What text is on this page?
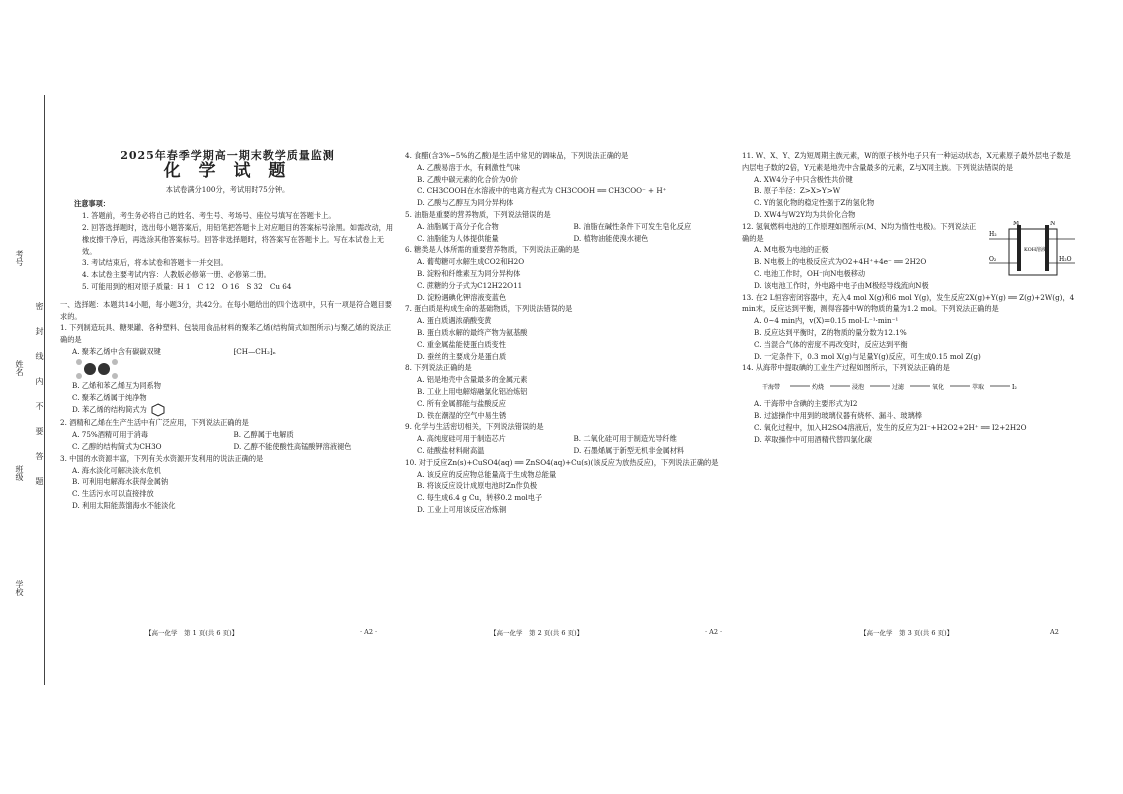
考号
姓名
班级
学校
密
封
线
内
不
要
答
题
2025年春季学期高一期末教学质量监测
化 学 试 题
本试卷满分100分，考试用时75分钟。
注意事项：
1. 答题前，考生务必将自己的姓名、考生号、考场号、座位号填写在答题卡上。
2. 回答选择题时，选出每小题答案后，用铅笔把答题卡上对应题目的答案标号涂黑。如需改动，用橡皮擦干净后，再选涂其他答案标号。回答非选择题时，将答案写在答题卡上。写在本试卷上无效。
3. 考试结束后，将本试卷和答题卡一并交回。
4. 本试卷主要考试内容：人教版必修第一册、必修第二册。
5. 可能用到的相对原子质量：H 1　C 12　O 16　S 32　Cu 64
一、选择题：本题共14小题，每小题3分，共42分。在每小题给出的四个选项中，只有一项是符合题目要求的。
1. 下列制造玩具、糖果罐、各种塑料、包装用食品材料的聚苯乙烯(结构简式如图所示)与聚乙烯的说法正确的是
A. 聚苯乙烯中含有碳碳双键	⁅CH—CH₂⁆ₙ
B. 乙烯和苯乙烯互为同系物
C. 聚苯乙烯属于纯净物
D. 苯乙烯的结构简式为
2. 酒精和乙烯在生产生活中有广泛应用，下列说法正确的是
A. 75%酒精可用于消毒	B. 乙醇属于电解质
C. 乙醇的结构简式为CH3O	D. 乙醇不能使酸性高锰酸钾溶液褪色
3. 中国的水资源丰富，下列有关水资源开发利用的说法正确的是
A. 海水淡化可解决淡水危机
B. 可利用电解海水获得金属钠
C. 生活污水可以直接排放
D. 利用太阳能蒸馏海水不能淡化
4. 食醋(含3%~5%的乙酸)是生活中常见的调味品，下列说法正确的是
A. 乙酸易溶于水，有刺激性气味
B. 乙酸中碳元素的化合价为0价
C. CH3COOH在水溶液中的电离方程式为 CH3COOH ══ CH3COO⁻ + H⁺
D. 乙酸与乙醇互为同分异构体
5. 油脂是重要的营养物质，下列说法错误的是
A. 油脂属于高分子化合物	B. 油脂在碱性条件下可发生皂化反应
C. 油脂能为人体提供能量	D. 植物油能使溴水褪色
6. 糖类是人体所需的重要营养物质，下列说法正确的是
A. 葡萄糖可水解生成CO2和H2O
B. 淀粉和纤维素互为同分异构体
C. 蔗糖的分子式为C12H22O11
D. 淀粉遇碘化钾溶液变蓝色
7. 蛋白质是构成生命的基础物质，下列说法错误的是
A. 蛋白质遇浓硝酸变黄
B. 蛋白质水解的最终产物为氨基酸
C. 重金属盐能使蛋白质变性
D. 蚕丝的主要成分是蛋白质
8. 下列说法正确的是
A. 铝是地壳中含量最多的金属元素
B. 工业上用电解熔融氯化铝冶炼铝
C. 所有金属都能与盐酸反应
D. 铁在潮湿的空气中易生锈
9. 化学与生活密切相关，下列说法错误的是
A. 高纯度硅可用于制造芯片	B. 二氧化硅可用于制造光导纤维
C. 硅酸盐材料耐高温	D. 石墨烯属于新型无机非金属材料
10. 对于反应Zn(s)+CuSO4(aq) ══ ZnSO4(aq)+Cu(s)(该反应为放热反应)，下列说法正确的是
A. 该反应的反应物总能量高于生成物总能量
B. 将该反应设计成原电池时Zn作负极
C. 每生成6.4 g Cu，转移0.2 mol电子
D. 工业上可用该反应冶炼铜
11. W、X、Y、Z为短周期主族元素，W的原子核外电子只有一种运动状态，X元素原子最外层电子数是内层电子数的2倍，Y元素是地壳中含量最多的元素，Z与X同主族。下列说法错误的是
A. XW4分子中只含极性共价键
B. 原子半径：Z>X>Y>W
C. Y的氢化物的稳定性强于Z的氢化物
D. XW4与W2Y均为共价化合物
12. 氢氧燃料电池的工作原理如图所示(M、N均为惰性电极)。下列说法正确的是
A. M电极为电池的正极
B. N电极上的电极反应式为O2+4H⁺+4e⁻ ══ 2H2O
C. 电池工作时，OH⁻向N电极移动
D. 该电池工作时，外电路中电子由M极经导线流向N极
H₂
M	N
O₂
KOH溶液
H₂O
13. 在2 L恒容密闭容器中，充入4 mol X(g)和6 mol Y(g)，发生反应2X(g)+Y(g) ══ Z(g)+2W(g)，4 min末，反应达到平衡，测得容器中W的物质的量为1.2 mol。下列说法正确的是
A. 0~4 min内，v(X)=0.15 mol·L⁻¹·min⁻¹
B. 反应达到平衡时，Z的物质的量分数为12.1%
C. 当混合气体的密度不再改变时，反应达到平衡
D. 一定条件下，0.3 mol X(g)与足量Y(g)反应，可生成0.15 mol Z(g)
14. 从海带中提取碘的工业生产过程如图所示，下列说法正确的是
干海带	灼烧	浸泡	过滤	氧化	萃取	I₂
A. 干海带中含碘的主要形式为I2
B. 过滤操作中用到的玻璃仪器有烧杯、漏斗、玻璃棒
C. 氧化过程中，加入H2SO4溶液后，发生的反应为2I⁻+H2O2+2H⁺ ══ I2+2H2O
D. 萃取操作中可用酒精代替四氯化碳
【高一化学　第 1 页(共 6 页)】	· A2 ·	【高一化学　第 2 页(共 6 页)】	· A2 ·	【高一化学　第 3 页(共 6 页)】	A2
